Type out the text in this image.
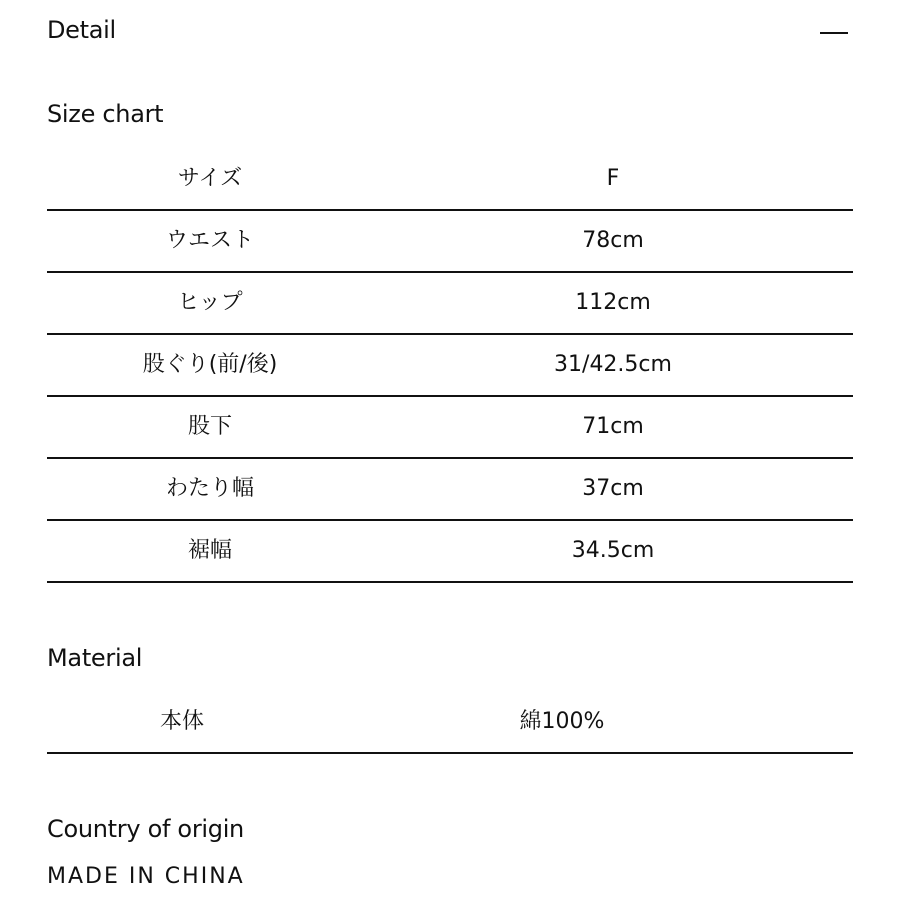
Detail
Size chart
サイズ	F
ウエスト	78cm
ヒップ	112cm
股ぐり(前/後)	31/42.5cm
股下	71cm
わたり幅	37cm
裾幅	34.5cm
Material
本体	綿100%
Country of origin
MADE IN CHINA
